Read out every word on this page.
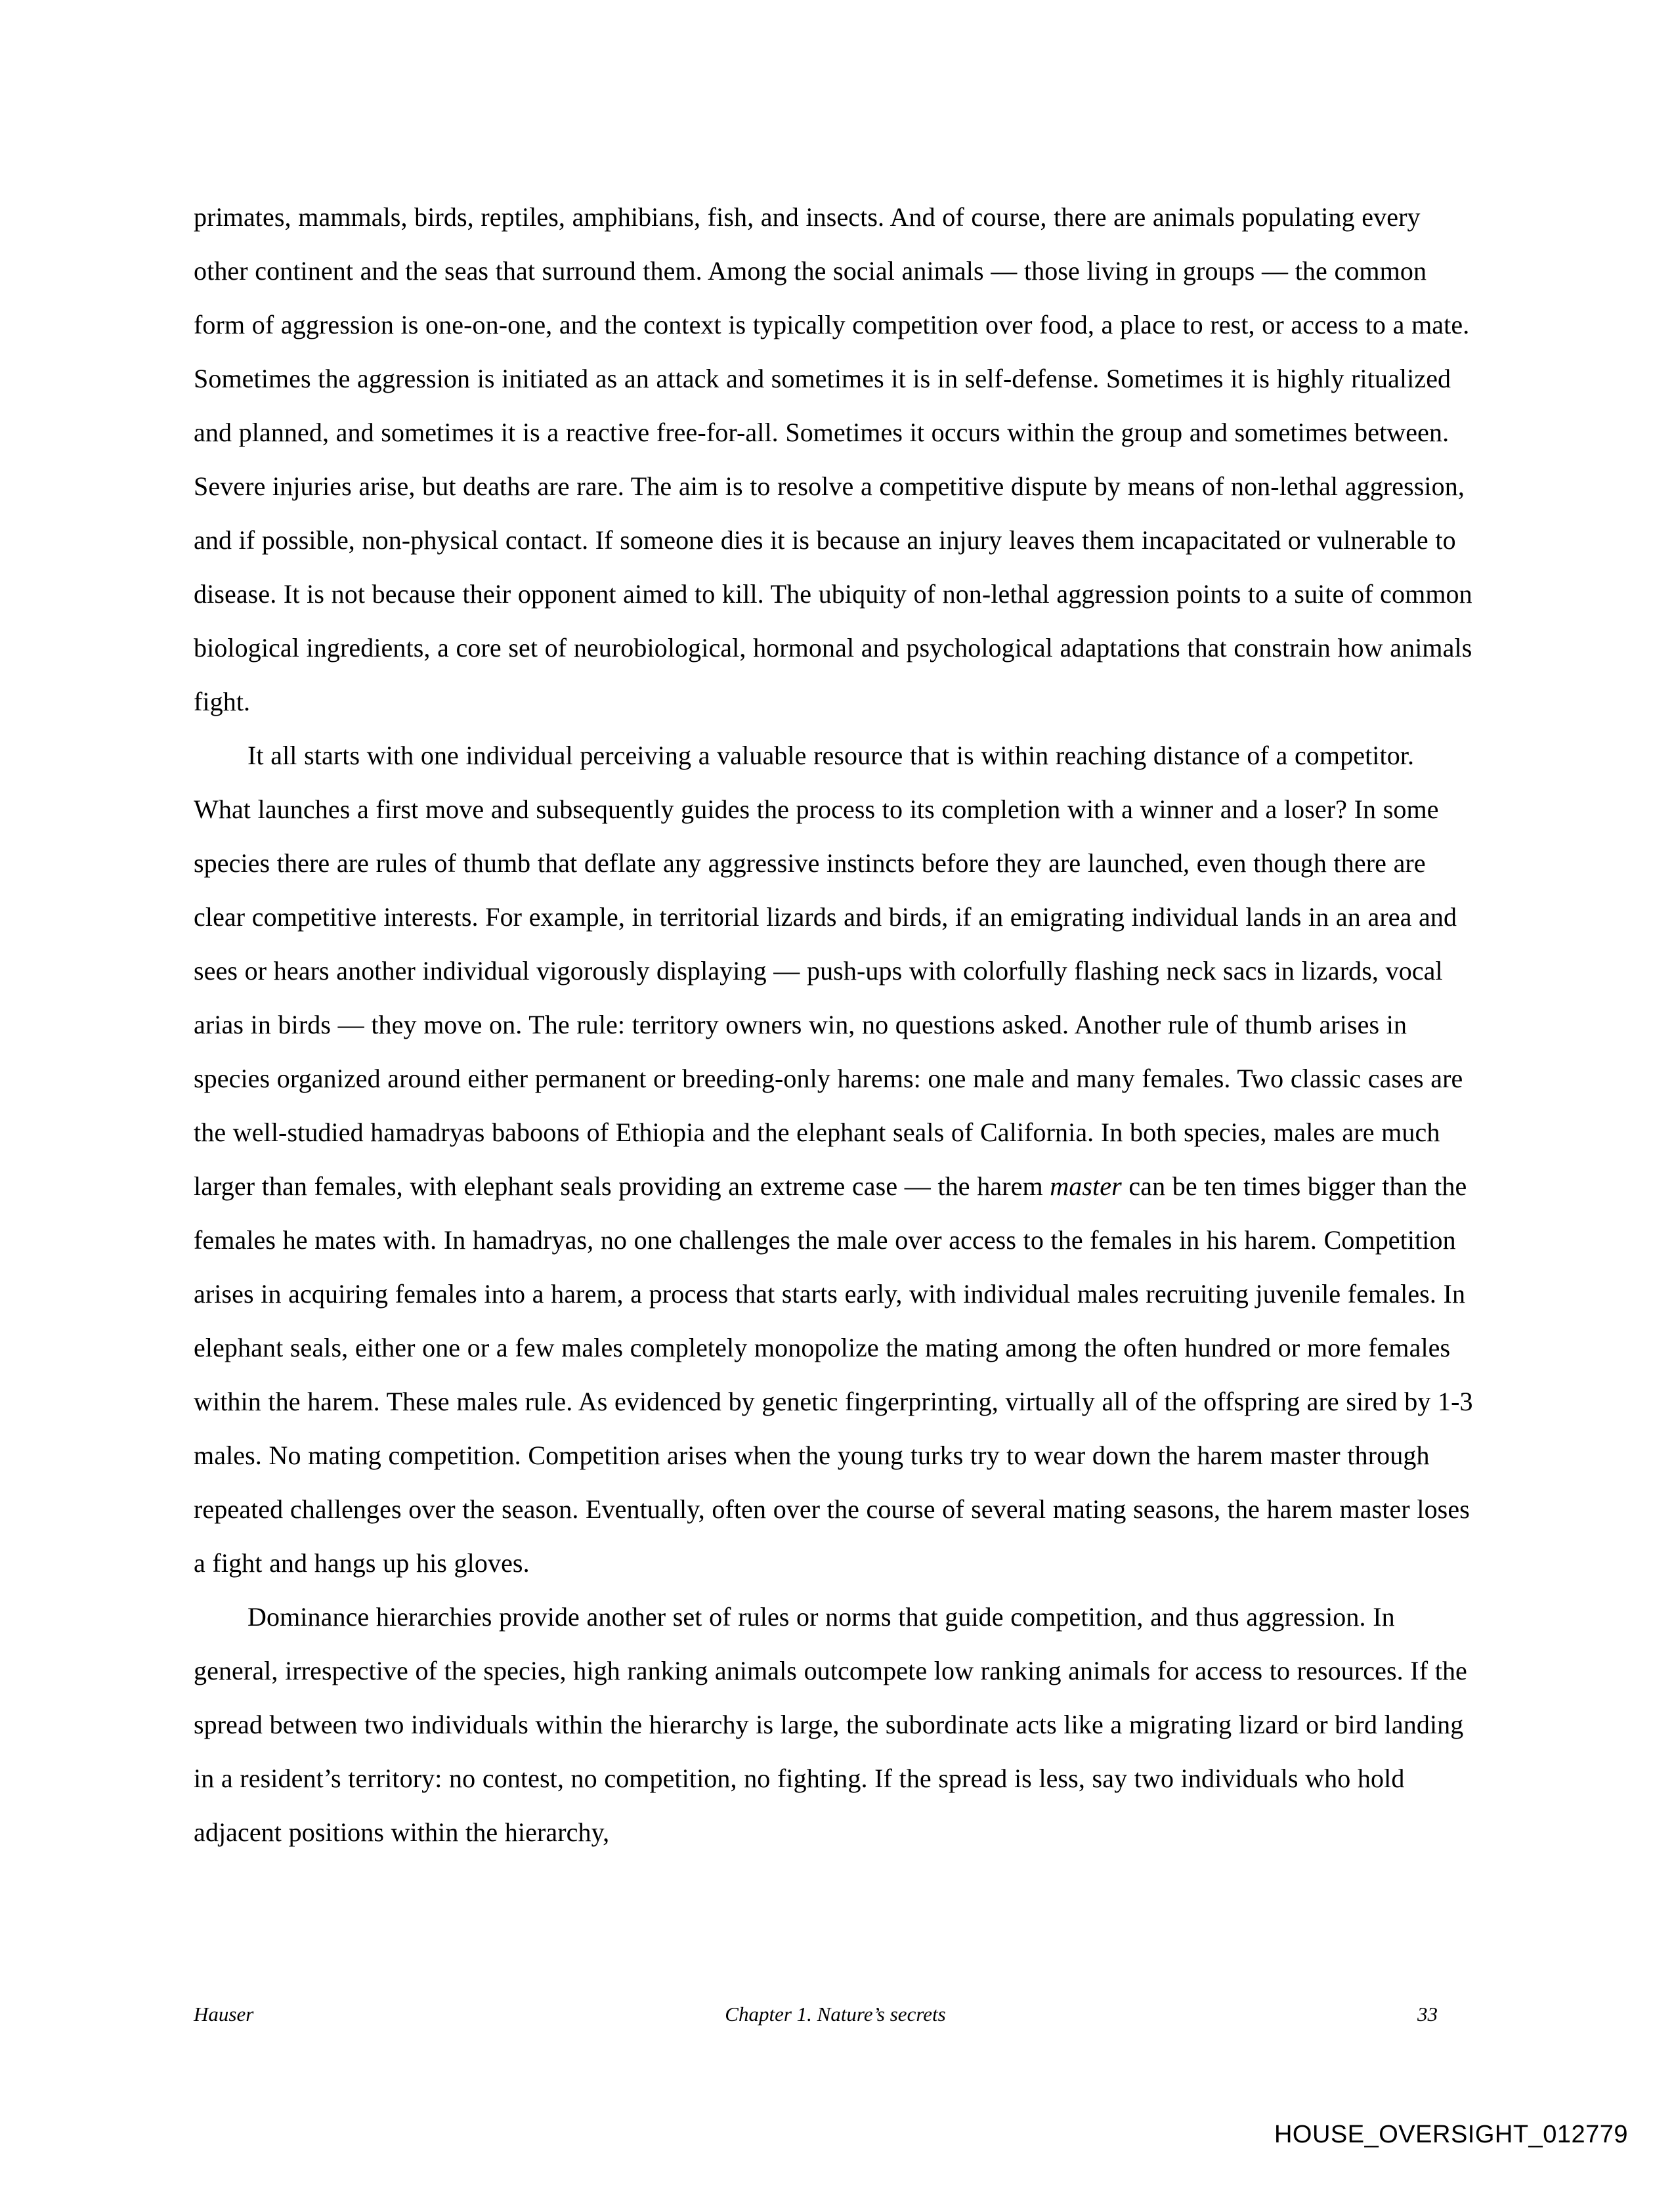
primates, mammals, birds, reptiles, amphibians, fish, and insects. And of course, there are animals populating every other continent and the seas that surround them. Among the social animals — those living in groups — the common form of aggression is one-on-one, and the context is typically competition over food, a place to rest, or access to a mate. Sometimes the aggression is initiated as an attack and sometimes it is in self-defense. Sometimes it is highly ritualized and planned, and sometimes it is a reactive free-for-all. Sometimes it occurs within the group and sometimes between. Severe injuries arise, but deaths are rare. The aim is to resolve a competitive dispute by means of non-lethal aggression, and if possible, non-physical contact. If someone dies it is because an injury leaves them incapacitated or vulnerable to disease. It is not because their opponent aimed to kill. The ubiquity of non-lethal aggression points to a suite of common biological ingredients, a core set of neurobiological, hormonal and psychological adaptations that constrain how animals fight.

It all starts with one individual perceiving a valuable resource that is within reaching distance of a competitor. What launches a first move and subsequently guides the process to its completion with a winner and a loser? In some species there are rules of thumb that deflate any aggressive instincts before they are launched, even though there are clear competitive interests. For example, in territorial lizards and birds, if an emigrating individual lands in an area and sees or hears another individual vigorously displaying — push-ups with colorfully flashing neck sacs in lizards, vocal arias in birds — they move on. The rule: territory owners win, no questions asked. Another rule of thumb arises in species organized around either permanent or breeding-only harems: one male and many females. Two classic cases are the well-studied hamadryas baboons of Ethiopia and the elephant seals of California. In both species, males are much larger than females, with elephant seals providing an extreme case — the harem master can be ten times bigger than the females he mates with. In hamadryas, no one challenges the male over access to the females in his harem. Competition arises in acquiring females into a harem, a process that starts early, with individual males recruiting juvenile females. In elephant seals, either one or a few males completely monopolize the mating among the often hundred or more females within the harem. These males rule. As evidenced by genetic fingerprinting, virtually all of the offspring are sired by 1-3 males. No mating competition. Competition arises when the young turks try to wear down the harem master through repeated challenges over the season. Eventually, often over the course of several mating seasons, the harem master loses a fight and hangs up his gloves.

Dominance hierarchies provide another set of rules or norms that guide competition, and thus aggression. In general, irrespective of the species, high ranking animals outcompete low ranking animals for access to resources. If the spread between two individuals within the hierarchy is large, the subordinate acts like a migrating lizard or bird landing in a resident’s territory: no contest, no competition, no fighting. If the spread is less, say two individuals who hold adjacent positions within the hierarchy,

Hauser	Chapter 1. Nature’s secrets	33
HOUSE_OVERSIGHT_012779
